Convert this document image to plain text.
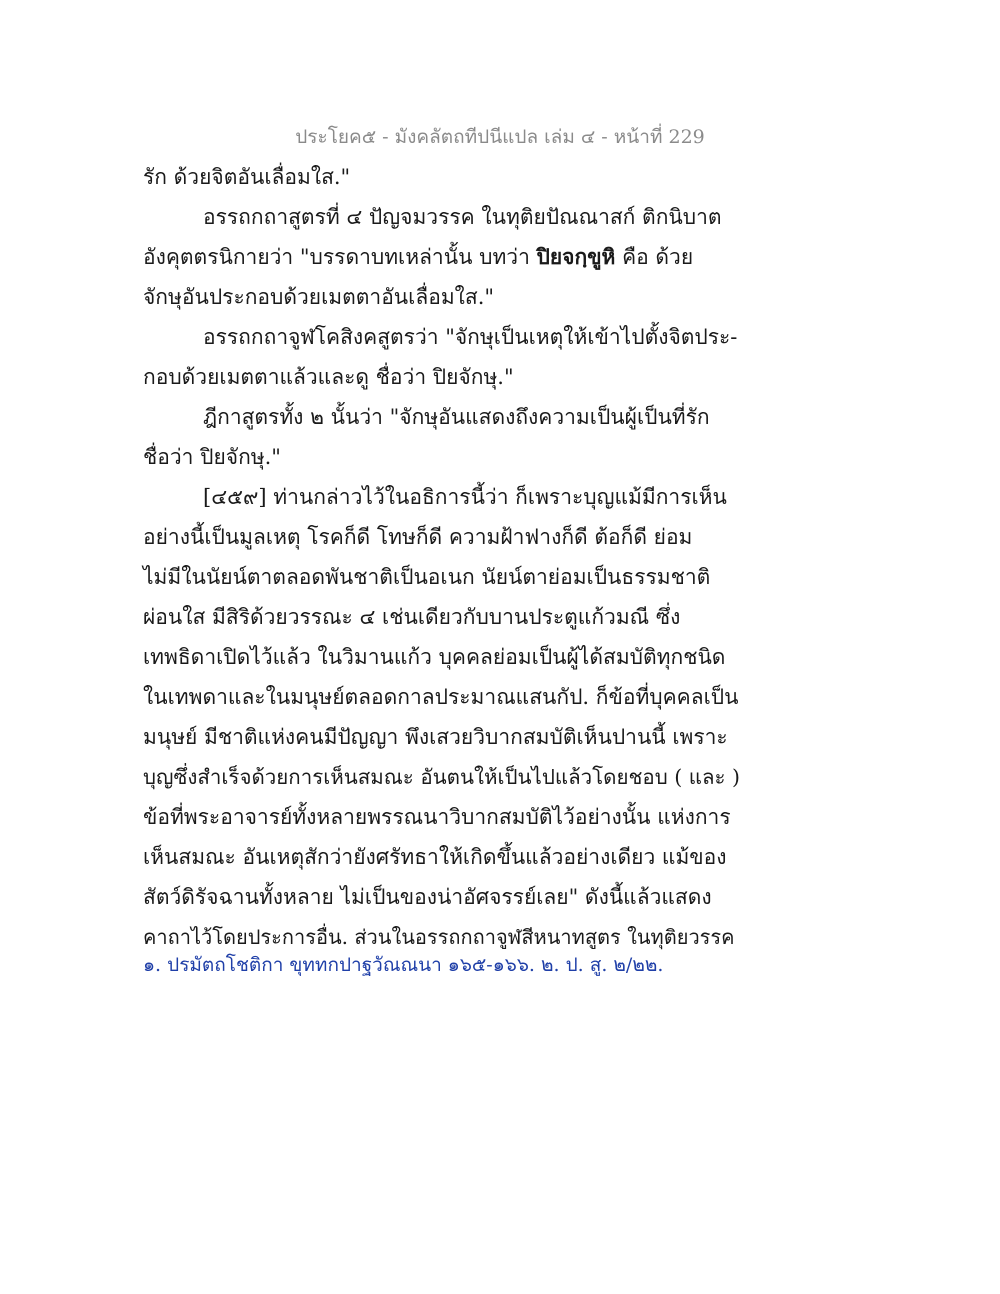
ประโยค๕ - มังคลัตถทีปนีแปล เล่ม ๔ - หน้าที่ 229
รัก ด้วยจิตอันเลื่อมใส."
อรรถกถาสูตรที่ ๔ ปัญจมวรรค ในทุติยปัณณาสก์ ติกนิบาต
อังคุตตรนิกายว่า "บรรดาบทเหล่านั้น บทว่า ปิยจกฺขูหิ คือ ด้วย
จักษุอันประกอบด้วยเมตตาอันเลื่อมใส."
อรรถกถาจูฬโคสิงคสูตรว่า "จักษุเป็นเหตุให้เข้าไปตั้งจิตประ-
กอบด้วยเมตตาแล้วและดู ชื่อว่า ปิยจักษุ."
ฎีกาสูตรทั้ง ๒ นั้นว่า "จักษุอันแสดงถึงความเป็นผู้เป็นที่รัก
ชื่อว่า ปิยจักษุ."
[๔๕๙] ท่านกล่าวไว้ในอธิการนี้ว่า ก็เพราะบุญแม้มีการเห็น
อย่างนี้เป็นมูลเหตุ โรคก็ดี โทษก็ดี ความฝ้าฟางก็ดี ต้อก็ดี ย่อม
ไม่มีในนัยน์ตาตลอดพันชาติเป็นอเนก นัยน์ตาย่อมเป็นธรรมชาติ
ผ่อนใส มีสิริด้วยวรรณะ ๔ เช่นเดียวกับบานประตูแก้วมณี ซึ่ง
เทพธิดาเปิดไว้แล้ว ในวิมานแก้ว บุคคลย่อมเป็นผู้ได้สมบัติทุกชนิด
ในเทพดาและในมนุษย์ตลอดกาลประมาณแสนกัป. ก็ข้อที่บุคคลเป็น
มนุษย์ มีชาติแห่งคนมีปัญญา พึงเสวยวิบากสมบัติเห็นปานนี้ เพราะ
บุญซึ่งสำเร็จด้วยการเห็นสมณะ อันตนให้เป็นไปแล้วโดยชอบ ( และ )
ข้อที่พระอาจารย์ทั้งหลายพรรณนาวิบากสมบัติไว้อย่างนั้น แห่งการ
เห็นสมณะ อันเหตุสักว่ายังศรัทธาให้เกิดขึ้นแล้วอย่างเดียว แม้ของ
สัตว์ดิรัจฉานทั้งหลาย ไม่เป็นของน่าอัศจรรย์เลย" ดังนี้แล้วแสดง
คาถาไว้โดยประการอื่น. ส่วนในอรรถกถาจูฬสีหนาทสูตร ในทุติยวรรค
๑. ปรมัตถโชติกา ขุททกปาฐวัณณนา ๑๖๕-๑๖๖. ๒. ป. สู. ๒/๒๒.
